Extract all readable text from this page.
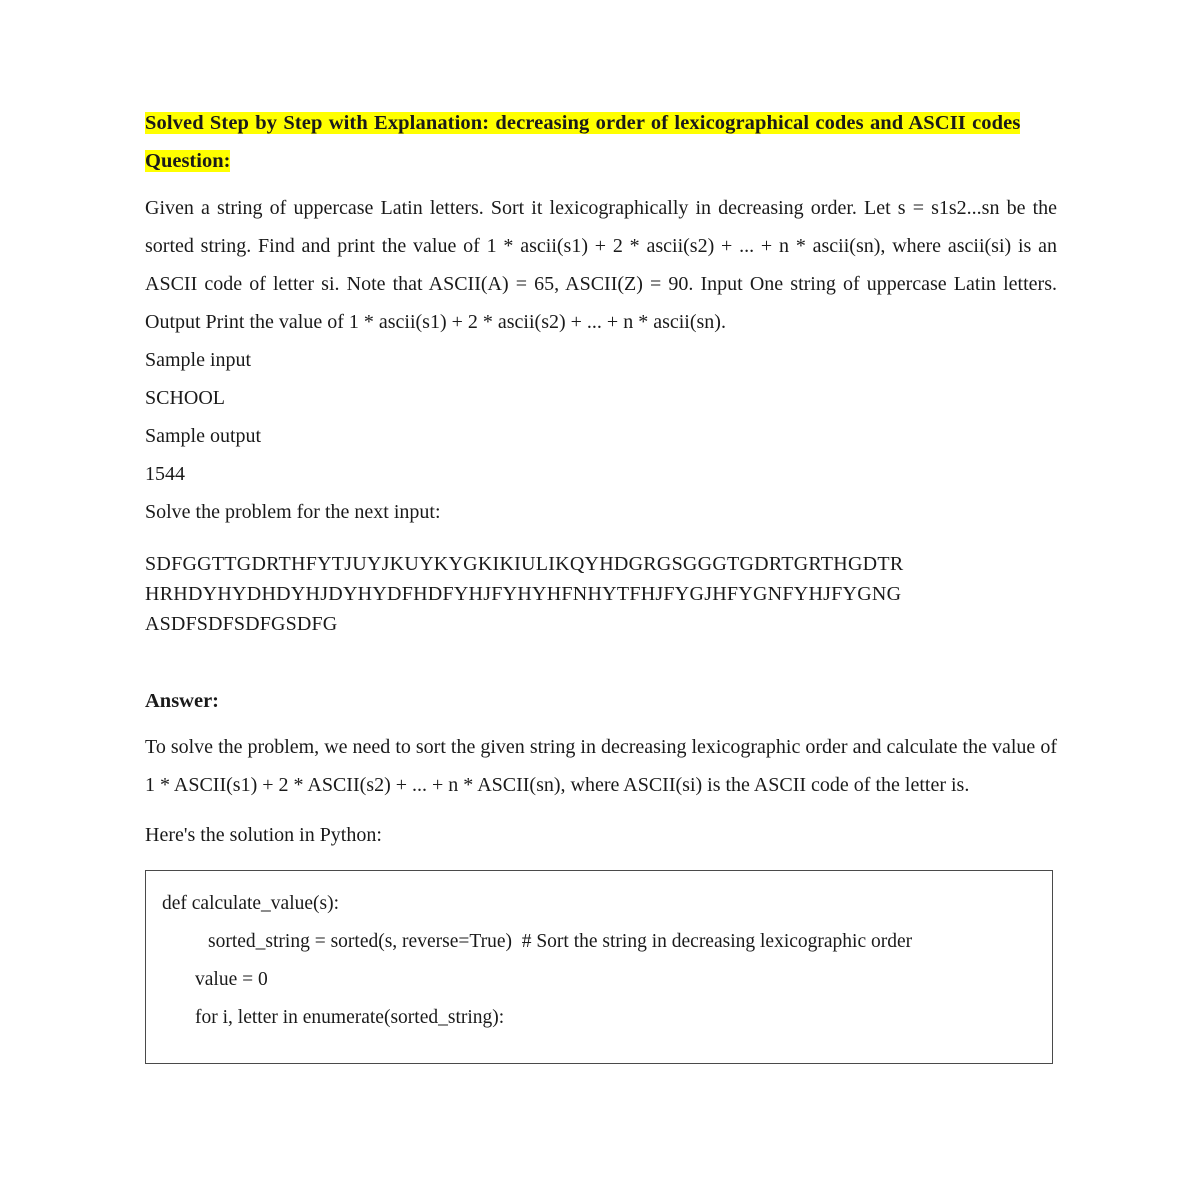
Solved Step by Step with Explanation: decreasing order of lexicographical codes and ASCII codes
Question:

Given a string of uppercase Latin letters. Sort it lexicographically in decreasing order. Let s = s1s2...sn be the sorted string. Find and print the value of 1 * ascii(s1) + 2 * ascii(s2) + ... + n * ascii(sn), where ascii(si) is an ASCII code of letter si. Note that ASCII(A) = 65, ASCII(Z) = 90. Input One string of uppercase Latin letters. Output Print the value of 1 * ascii(s1) + 2 * ascii(s2) + ... + n * ascii(sn).

Sample input

SCHOOL

Sample output

1544

Solve the problem for the next input:

SDFGGTTGDRTHFYTJUYJKUYKYGKIKIULIKQYHDGRGSGGGTGDRTGRTHGDTR
HRHDYHYDHDYHJDYHYDFHDFYHJFYHYHFNHYTFHJFYGJHFYGNFYHJFYGNG
ASDFSDFSDFGSDFG
Answer:

To solve the problem, we need to sort the given string in decreasing lexicographic order and calculate the value of 1 * ASCII(s1) + 2 * ASCII(s2) + ... + n * ASCII(sn), where ASCII(si) is the ASCII code of the letter is.

Here's the solution in Python:

def calculate_value(s):

sorted_string = sorted(s, reverse=True)  # Sort the string in decreasing lexicographic order

value = 0

for i, letter in enumerate(sorted_string):
